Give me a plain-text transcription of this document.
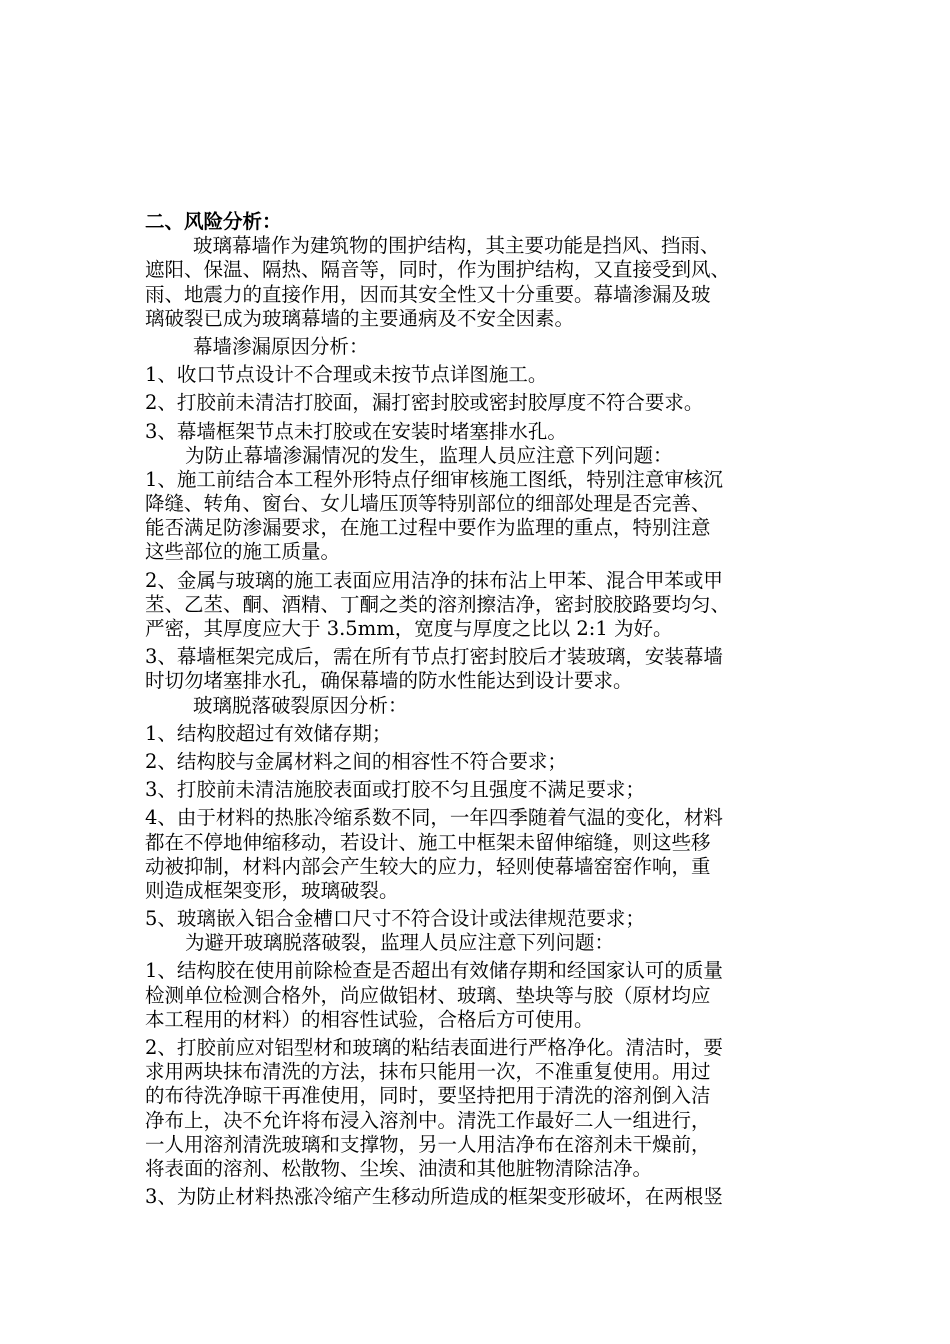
二、风险分析：
玻璃幕墙作为建筑物的围护结构，其主要功能是挡风、挡雨、
遮阳、保温、隔热、隔音等，同时，作为围护结构，又直接受到风、
雨、地震力的直接作用，因而其安全性又十分重要。幕墙渗漏及玻
璃破裂已成为玻璃幕墙的主要通病及不安全因素。
幕墙渗漏原因分析：
1、收口节点设计不合理或未按节点详图施工。
2、打胶前未清洁打胶面，漏打密封胶或密封胶厚度不符合要求。
3、幕墙框架节点未打胶或在安装时堵塞排水孔。
为防止幕墙渗漏情况的发生，监理人员应注意下列问题：
1、施工前结合本工程外形特点仔细审核施工图纸，特别注意审核沉
降缝、转角、窗台、女儿墙压顶等特别部位的细部处理是否完善、
能否满足防渗漏要求，在施工过程中要作为监理的重点，特别注意
这些部位的施工质量。
2、金属与玻璃的施工表面应用洁净的抹布沾上甲苯、混合甲苯或甲
苤、乙苤、酮、酒精、丁酮之类的溶剂擦洁净，密封胶胶路要均匀、
严密，其厚度应大于 3.5mm，宽度与厚度之比以 2:1 为好。
3、幕墙框架完成后，需在所有节点打密封胶后才装玻璃，安装幕墙
时切勿堵塞排水孔，确保幕墙的防水性能达到设计要求。
玻璃脱落破裂原因分析：
1、结构胶超过有效储存期；
2、结构胶与金属材料之间的相容性不符合要求；
3、打胶前未清洁施胶表面或打胶不匀且强度不满足要求；
4、由于材料的热胀冷缩系数不同，一年四季随着气温的变化，材料
都在不停地伸缩移动，若设计、施工中框架未留伸缩缝，则这些移
动被抑制，材料内部会产生较大的应力，轻则使幕墙窑窑作响，重
则造成框架变形，玻璃破裂。
5、玻璃嵌入铝合金槽口尺寸不符合设计或法律规范要求；
为避开玻璃脱落破裂，监理人员应注意下列问题：
1、结构胶在使用前除检查是否超出有效储存期和经国家认可的质量
检测单位检测合格外，尚应做铝材、玻璃、垫块等与胶（原材均应
本工程用的材料）的相容性试验，合格后方可使用。
2、打胶前应对铝型材和玻璃的粘结表面进行严格净化。清洁时，要
求用两块抹布清洗的方法，抹布只能用一次，不准重复使用。用过
的布待洗净晾干再准使用，同时，要坚持把用于清洗的溶剂倒入洁
净布上，决不允许将布浸入溶剂中。清洗工作最好二人一组进行，
一人用溶剂清洗玻璃和支撑物，另一人用洁净布在溶剂未干燥前，
将表面的溶剂、松散物、尘埃、油渍和其他脏物清除洁净。
3、为防止材料热涨冷缩产生移动所造成的框架变形破坏，在两根竖
